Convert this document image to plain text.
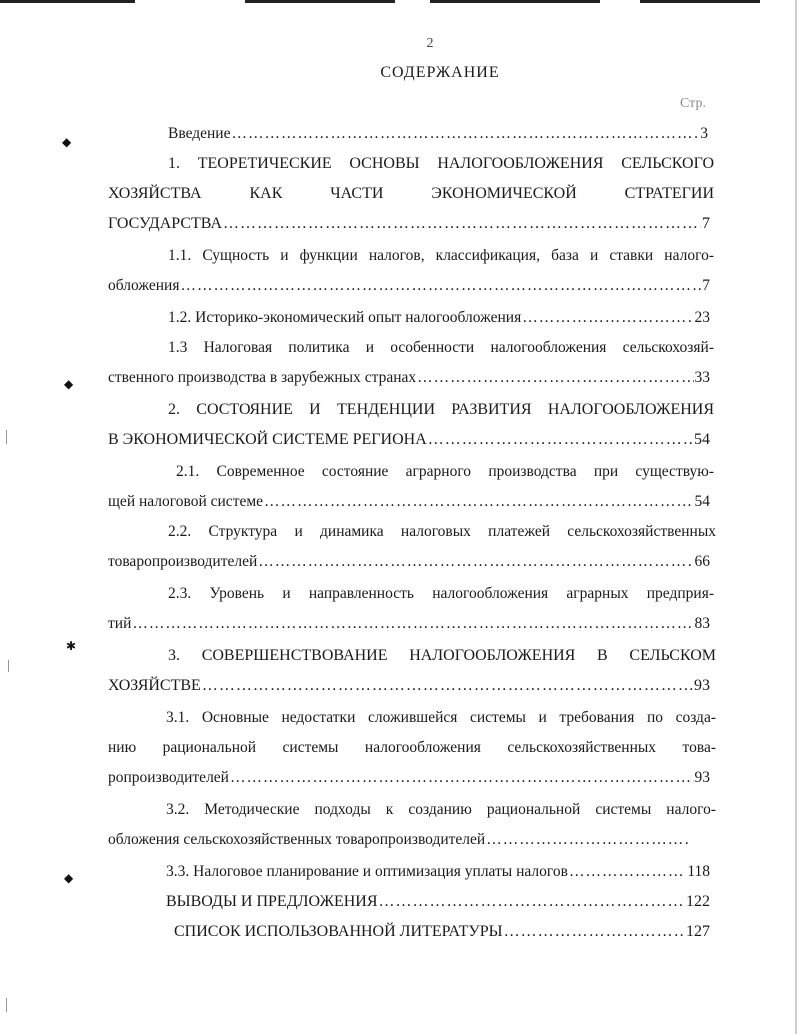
◆
◆
✱
◆
2
СОДЕРЖАНИЕ
Стр.
Введение …………………………………………………………………………………………………………………………………………………………………………	3
1. ТЕОРЕТИЧЕСКИЕ ОСНОВЫ НАЛОГООБЛОЖЕНИЯ СЕЛЬСКОГО
ХОЗЯЙСТВА КАК ЧАСТИ ЭКОНОМИЧЕСКОЙ СТРАТЕГИИ
ГОСУДАРСТВА …………………………………………………………………………………………………………………………………………………………………………	7
1.1. Сущность и функции налогов, классификация, база и ставки налого-
обложения …………………………………………………………………………………………………………………………………………………………………………	7
1.2. Историко-экономический опыт налогообложения …………………………………………………………………………………………………………………………………………………………………………	23
1.3 Налоговая политика и особенности налогообложения сельскохозяй-
ственного производства в зарубежных странах …………………………………………………………………………………………………………………………………………………………………………	33
2. СОСТОЯНИЕ И ТЕНДЕНЦИИ РАЗВИТИЯ НАЛОГООБЛОЖЕНИЯ
В ЭКОНОМИЧЕСКОЙ СИСТЕМЕ РЕГИОНА …………………………………………………………………………………………………………………………………………………………………………	54
2.1. Современное состояние аграрного производства при существую-
щей налоговой системе …………………………………………………………………………………………………………………………………………………………………………	54
2.2. Структура и динамика налоговых платежей сельскохозяйственных
товаропроизводителей …………………………………………………………………………………………………………………………………………………………………………	66
2.3. Уровень и направленность налогообложения аграрных предприя-
тий …………………………………………………………………………………………………………………………………………………………………………	83
3. СОВЕРШЕНСТВОВАНИЕ НАЛОГООБЛОЖЕНИЯ В СЕЛЬСКОМ
ХОЗЯЙСТВЕ …………………………………………………………………………………………………………………………………………………………………………	93
3.1. Основные недостатки сложившейся системы и требования по созда-
нию рациональной системы налогообложения сельскохозяйственных това-
ропроизводителей …………………………………………………………………………………………………………………………………………………………………………	93
3.2. Методические подходы к созданию рациональной системы налого-
обложения сельскохозяйственных товаропроизводителей
…………………………………………………………………………………………………………………………………………………………………………
3.3. Налоговое планирование и оптимизация уплаты налогов …………………………………………………………………………………………………………………………………………………………………………	118
ВЫВОДЫ И ПРЕДЛОЖЕНИЯ …………………………………………………………………………………………………………………………………………………………………………	122
СПИСОК ИСПОЛЬЗОВАННОЙ ЛИТЕРАТУРЫ …………………………………………………………………………………………………………………………………………………………………………	127
